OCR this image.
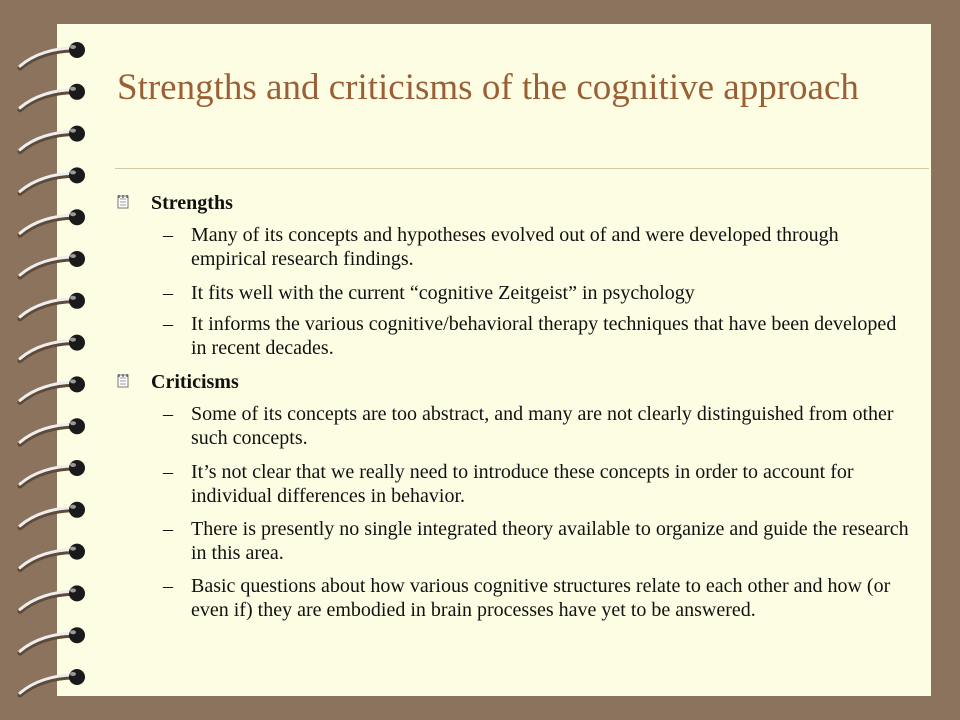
Strengths and criticisms of the cognitive approach
Strengths
– Many of its concepts and hypotheses evolved out of and were developed through empirical research findings.
– It fits well with the current “cognitive Zeitgeist” in psychology
– It informs the various cognitive/behavioral therapy techniques that have been developed in recent decades.
Criticisms
– Some of its concepts are too abstract, and many are not clearly distinguished from other such concepts.
– It’s not clear that we really need to introduce these concepts in order to account for individual differences in behavior.
– There is presently no single integrated theory available to organize and guide the research in this area.
– Basic questions about how various cognitive structures relate to each other and how (or even if) they are embodied in brain processes have yet to be answered.
